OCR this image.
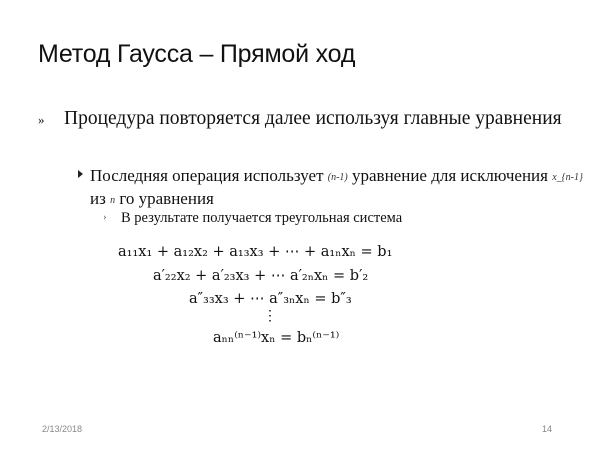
Метод Гаусса – Прямой ход
» Процедура повторяется далее используя главные уравнения
Последняя операция использует (n-1) уравнение для исключения x_{n-1} из n го уравнения
› В результате получается треугольная система
a₁₁x₁ + a₁₂x₂ + a₁₃x₃ + ⋯ + a₁ₙxₙ = b₁
a′₂₂x₂ + a′₂₃x₃ + ⋯ a′₂ₙxₙ = b′₂
a″₃₃x₃ + ⋯ a″₃ₙxₙ = b″₃
⋮
aₙₙ⁽ⁿ⁻¹⁾xₙ = bₙ⁽ⁿ⁻¹⁾
2/13/2018	14
